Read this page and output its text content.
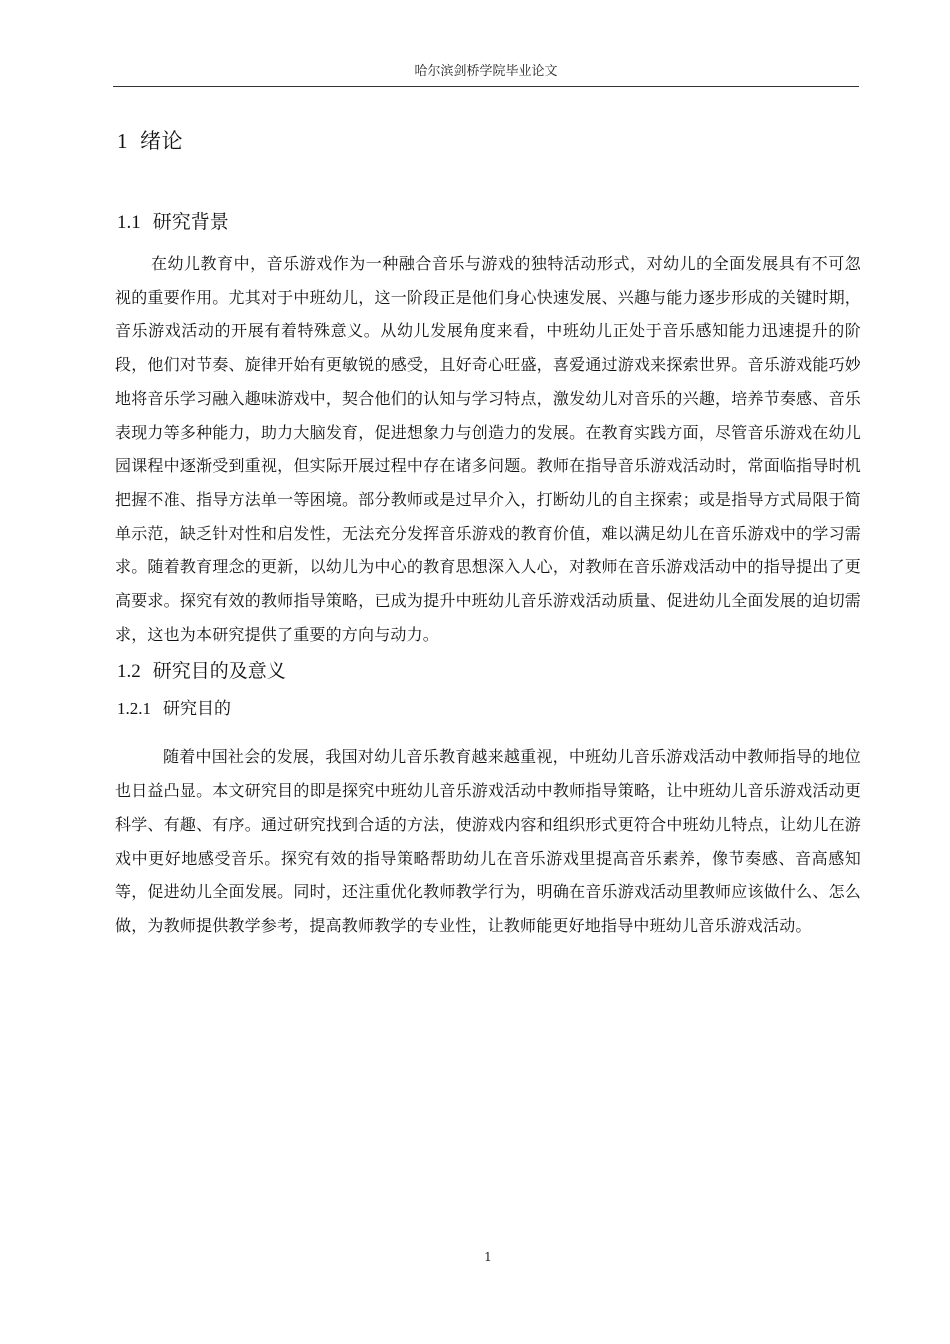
哈尔滨剑桥学院毕业论文
1 绪论
1.1 研究背景

在幼儿教育中，音乐游戏作为一种融合音乐与游戏的独特活动形式，对幼儿的全面发展具有不可忽视的重要作用。尤其对于中班幼儿，这一阶段正是他们身心快速发展、兴趣与能力逐步形成的关键时期，音乐游戏活动的开展有着特殊意义。从幼儿发展角度来看，中班幼儿正处于音乐感知能力迅速提升的阶段，他们对节奏、旋律开始有更敏锐的感受，且好奇心旺盛，喜爱通过游戏来探索世界。音乐游戏能巧妙地将音乐学习融入趣味游戏中，契合他们的认知与学习特点，激发幼儿对音乐的兴趣，培养节奏感、音乐表现力等多种能力，助力大脑发育，促进想象力与创造力的发展。在教育实践方面，尽管音乐游戏在幼儿园课程中逐渐受到重视，但实际开展过程中存在诸多问题。教师在指导音乐游戏活动时，常面临指导时机把握不准、指导方法单一等困境。部分教师或是过早介入，打断幼儿的自主探索；或是指导方式局限于简单示范，缺乏针对性和启发性，无法充分发挥音乐游戏的教育价值，难以满足幼儿在音乐游戏中的学习需求。随着教育理念的更新，以幼儿为中心的教育思想深入人心，对教师在音乐游戏活动中的指导提出了更高要求。探究有效的教师指导策略，已成为提升中班幼儿音乐游戏活动质量、促进幼儿全面发展的迫切需求，这也为本研究提供了重要的方向与动力。

1.2 研究目的及意义
1.2.1 研究目的

随着中国社会的发展，我国对幼儿音乐教育越来越重视，中班幼儿音乐游戏活动中教师指导的地位也日益凸显。本文研究目的即是探究中班幼儿音乐游戏活动中教师指导策略，让中班幼儿音乐游戏活动更科学、有趣、有序。通过研究找到合适的方法，使游戏内容和组织形式更符合中班幼儿特点，让幼儿在游戏中更好地感受音乐。探究有效的指导策略帮助幼儿在音乐游戏里提高音乐素养，像节奏感、音高感知等，促进幼儿全面发展。同时，还注重优化教师教学行为，明确在音乐游戏活动里教师应该做什么、怎么做，为教师提供教学参考，提高教师教学的专业性，让教师能更好地指导中班幼儿音乐游戏活动。

1
